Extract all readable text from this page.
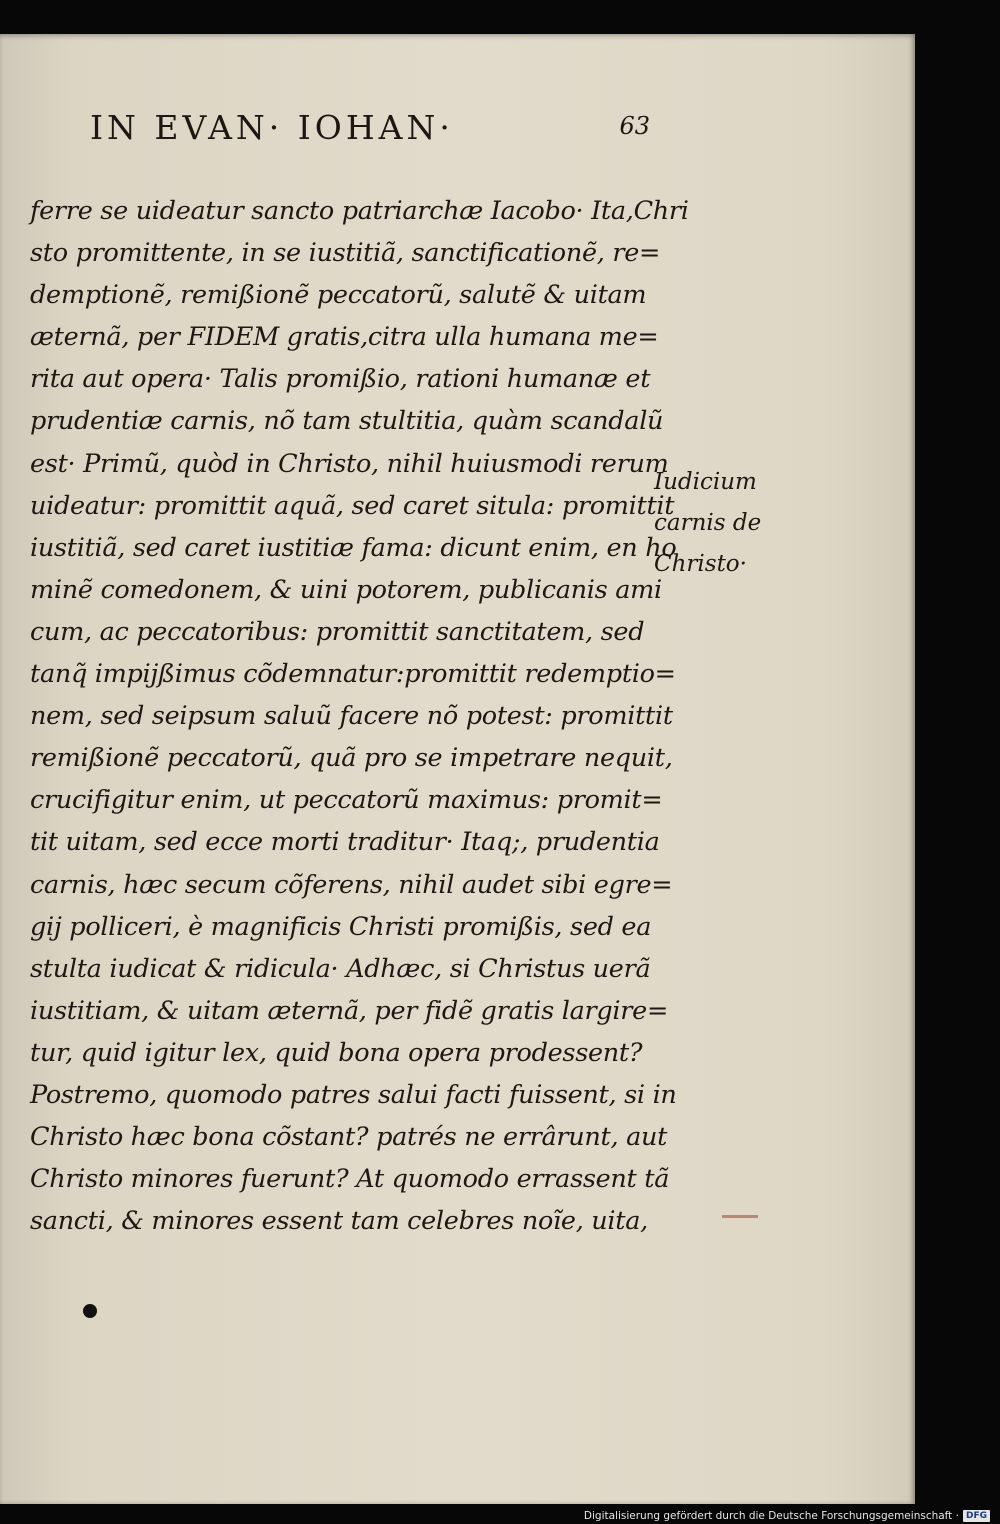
IN EVAN· IOHAN·	63
ferre se uideatur sancto patriarchæ Iacobo· Ita,Chri
sto promittente, in se iustitiã, sanctificationẽ, re=
demptionẽ, remißionẽ peccatorũ, salutẽ & uitam
æternã, per FIDEM gratis,citra ulla humana me=
rita aut opera· Talis promißio, rationi humanæ et
prudentiæ carnis, nõ tam stultitia, quàm scandalũ
est· Primũ, quòd in Christo, nihil huiusmodi rerum
uideatur: promittit aquã, sed caret situla: promittit
iustitiã, sed caret iustitiæ fama: dicunt enim, en ho
minẽ comedonem, & uini potorem, publicanis ami
cum, ac peccatoribus: promittit sanctitatem, sed
tanq̃ impijßimus cõdemnatur:promittit redemptio=
nem, sed seipsum saluũ facere nõ potest: promittit
remißionẽ peccatorũ, quã pro se impetrare nequit,
crucifigitur enim, ut peccatorũ maximus: promit=
tit uitam, sed ecce morti traditur· Itaq;, prudentia
carnis, hæc secum cõferens, nihil audet sibi egre=
gij polliceri, è magnificis Christi promißis, sed ea
stulta iudicat & ridicula· Adhæc, si Christus uerã
iustitiam, & uitam æternã, per fidẽ gratis largire=
tur, quid igitur lex, quid bona opera prodessent?
Postremo, quomodo patres salui facti fuissent, si in
Christo hæc bona cõstant? patrés ne errârunt, aut
Christo minores fuerunt? At quomodo errassent tã
sancti, & minores essent tam celebres noĩe, uita,
Iudicium
carnis de
Christo·
Digitalisierung gefördert durch die Deutsche Forschungsgemeinschaft · DFG
